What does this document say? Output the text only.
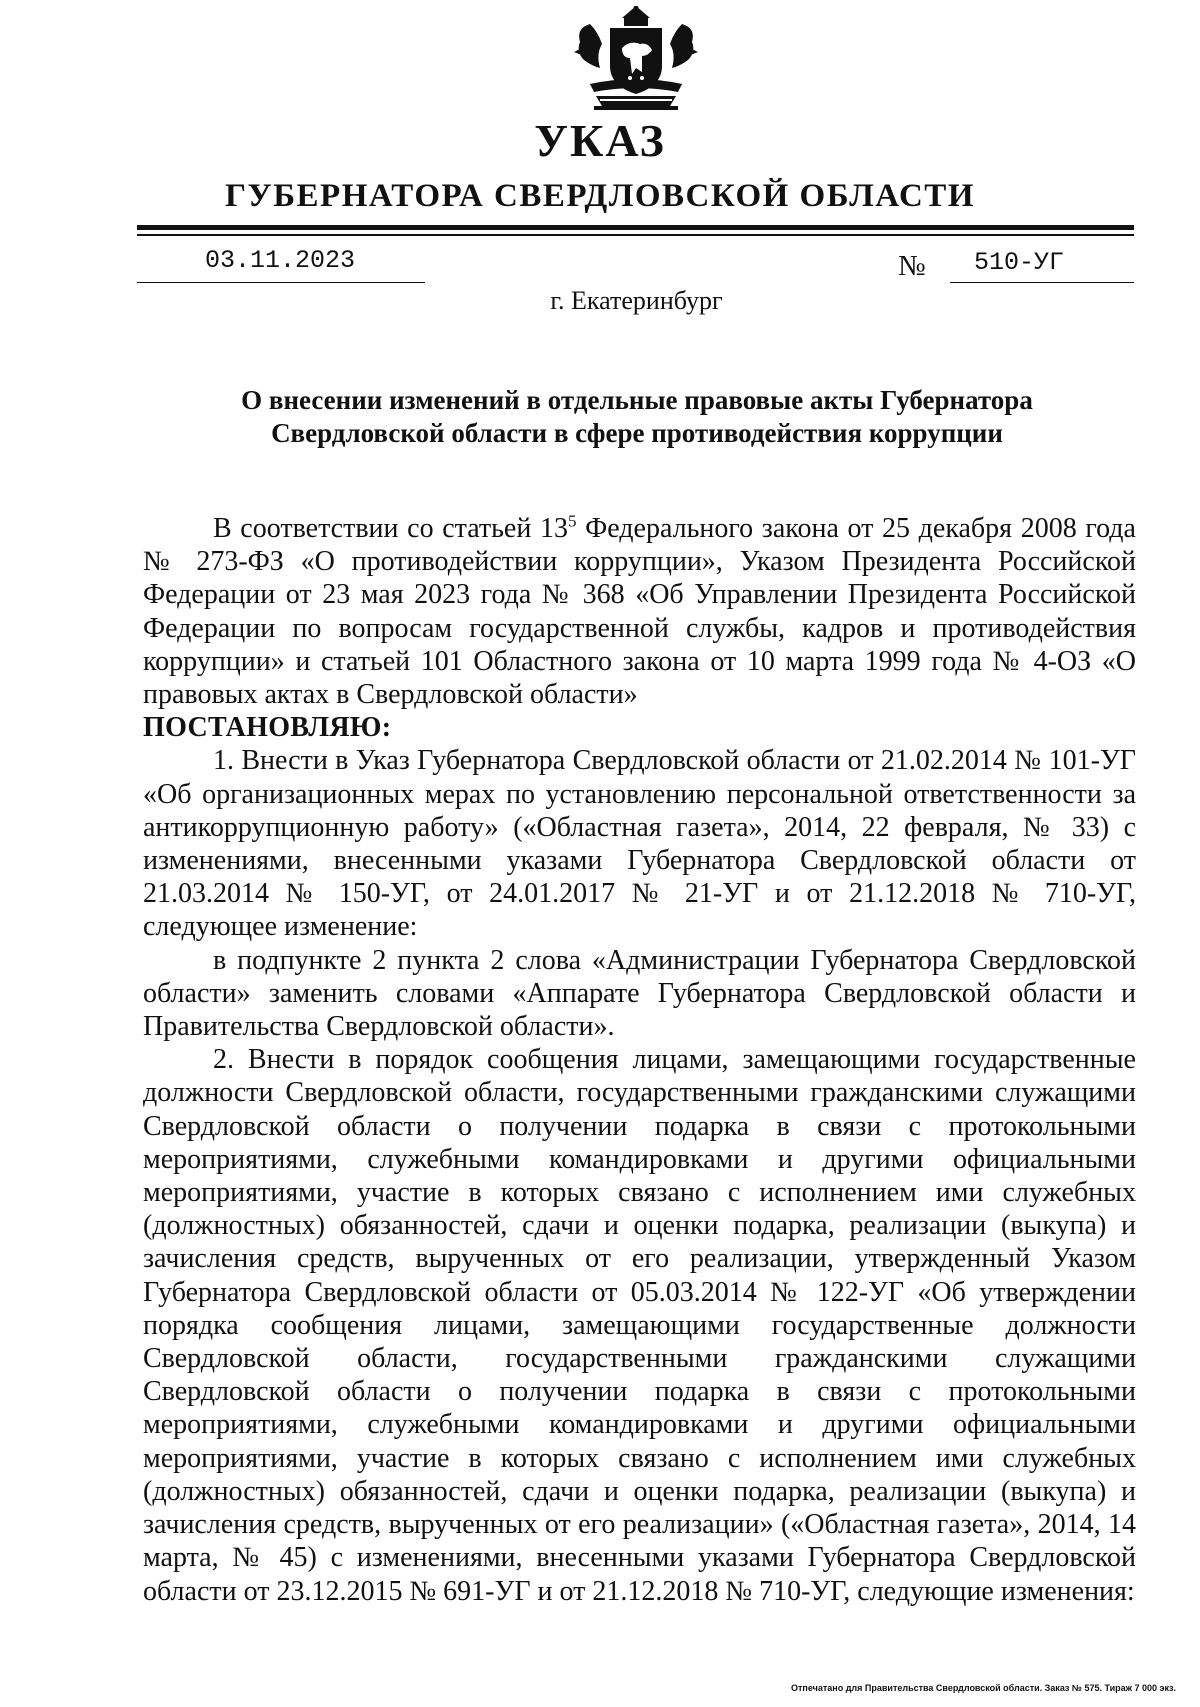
УКАЗ
ГУБЕРНАТОРА СВЕРДЛОВСКОЙ ОБЛАСТИ
03.11.2023	№ 510-УГ
г. Екатеринбург
О внесении изменений в отдельные правовые акты Губернатора
Свердловской области в сфере противодействия коррупции

В соответствии со статьей $13^5$ Федерального закона от 25 декабря 2008 года № 273-ФЗ «О противодействии коррупции», Указом Президента Российской Федерации от 23 мая 2023 года № 368 «Об Управлении Президента Российской Федерации по вопросам государственной службы, кадров и противодействия коррупции» и статьей 101 Областного закона от 10 марта 1999 года № 4-ОЗ «О правовых актах в Свердловской области»

ПОСТАНОВЛЯЮ:

1. Внести в Указ Губернатора Свердловской области от 21.02.2014 № 101-УГ «Об организационных мерах по установлению персональной ответственности за антикоррупционную работу» («Областная газета», 2014, 22 февраля, № 33) с изменениями, внесенными указами Губернатора Свердловской области от 21.03.2014 № 150-УГ, от 24.01.2017 № 21-УГ и от 21.12.2018 № 710-УГ, следующее изменение:

в подпункте 2 пункта 2 слова «Администрации Губернатора Свердловской области» заменить словами «Аппарате Губернатора Свердловской области и Правительства Свердловской области».

2. Внести в порядок сообщения лицами, замещающими государственные должности Свердловской области, государственными гражданскими служащими Свердловской области о получении подарка в связи с протокольными мероприятиями, служебными командировками и другими официальными мероприятиями, участие в которых связано с исполнением ими служебных (должностных) обязанностей, сдачи и оценки подарка, реализации (выкупа) и зачисления средств, вырученных от его реализации, утвержденный Указом Губернатора Свердловской области от 05.03.2014 № 122-УГ «Об утверждении порядка сообщения лицами, замещающими государственные должности Свердловской области, государственными гражданскими служащими Свердловской области о получении подарка в связи с протокольными мероприятиями, служебными командировками и другими официальными мероприятиями, участие в которых связано с исполнением ими служебных (должностных) обязанностей, сдачи и оценки подарка, реализации (выкупа) и зачисления средств, вырученных от его реализации» («Областная газета», 2014, 14 марта, № 45) с изменениями, внесенными указами Губернатора Свердловской области от 23.12.2015 № 691-УГ и от 21.12.2018 № 710-УГ, следующие изменения:

Отпечатано для Правительства Свердловской области. Заказ № 575. Тираж 7 000 экз.
